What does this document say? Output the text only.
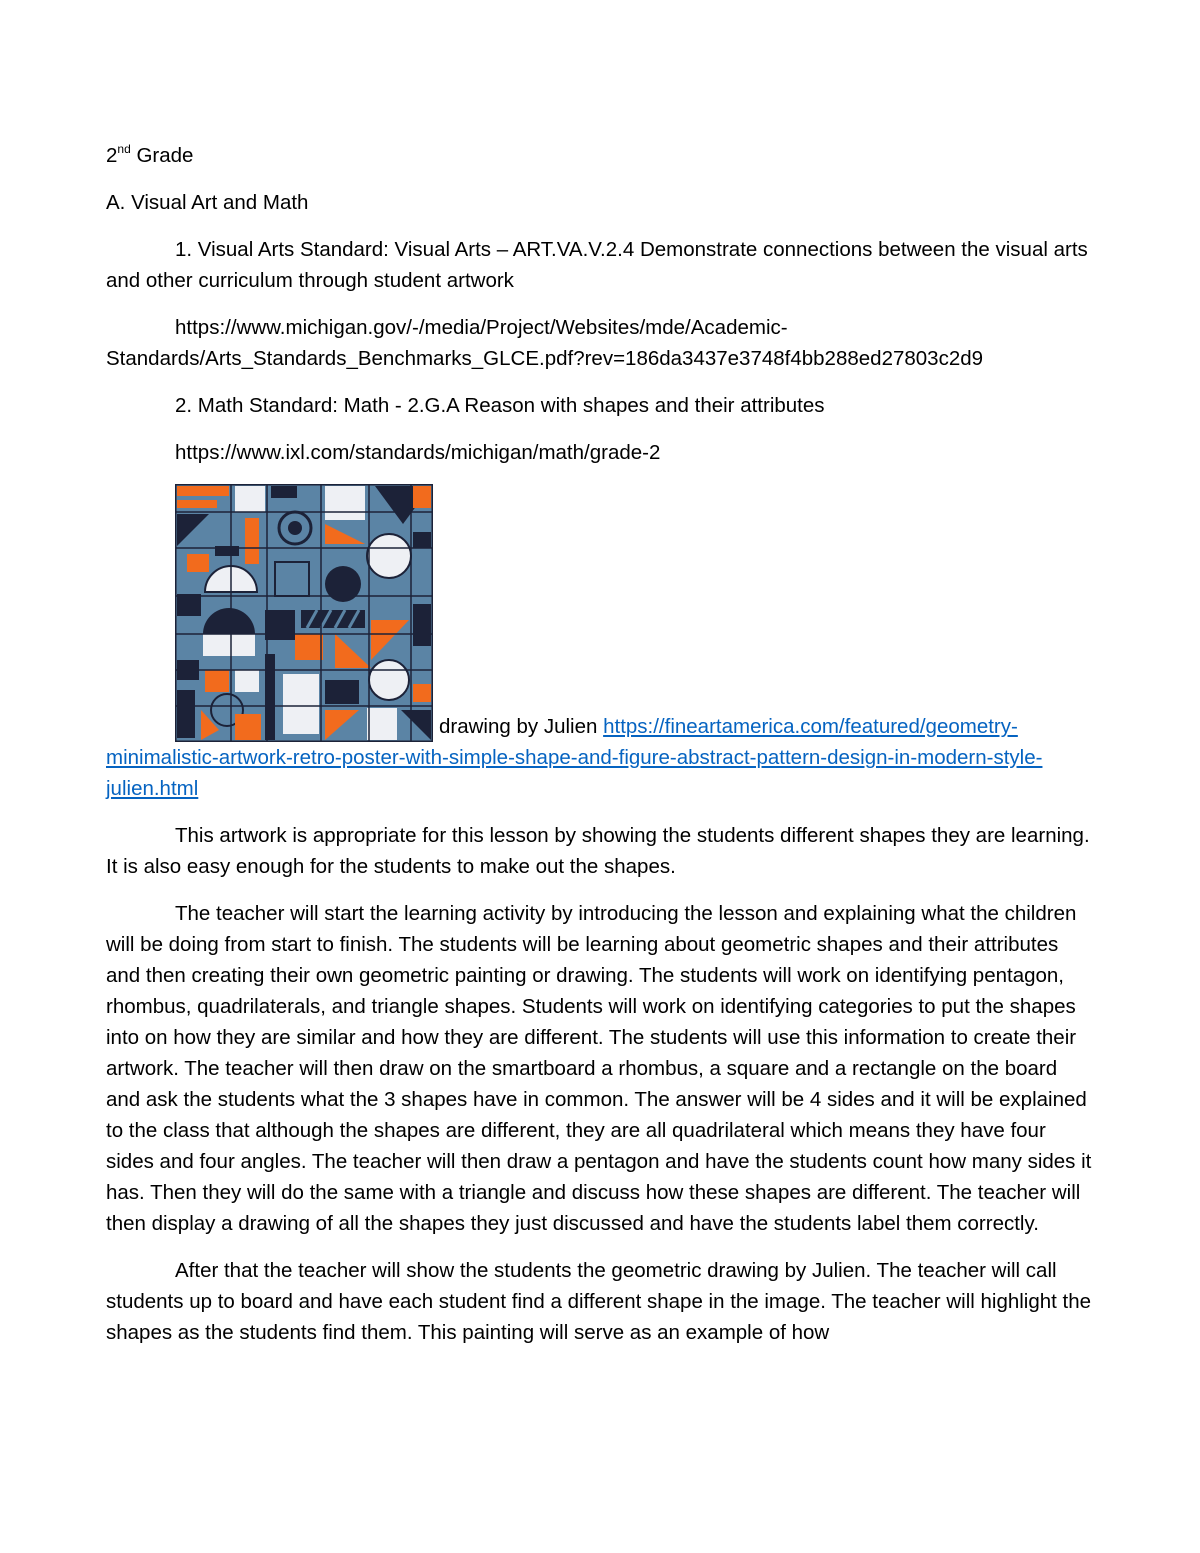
2nd Grade

A. Visual Art and Math

1. Visual Arts Standard: Visual Arts – ART.VA.V.2.4 Demonstrate connections between the visual arts and other curriculum through student artwork

https://www.michigan.gov/-/media/Project/Websites/mde/Academic-Standards/Arts_Standards_Benchmarks_GLCE.pdf?rev=186da3437e3748f4bb288ed27803c2d9

2. Math Standard: Math - 2.G.A Reason with shapes and their attributes

https://www.ixl.com/standards/michigan/math/grade-2

drawing by Julien https://fineartamerica.com/featured/geometry-minimalistic-artwork-retro-poster-with-simple-shape-and-figure-abstract-pattern-design-in-modern-style-julien.html

This artwork is appropriate for this lesson by showing the students different shapes they are learning. It is also easy enough for the students to make out the shapes.

The teacher will start the learning activity by introducing the lesson and explaining what the children will be doing from start to finish. The students will be learning about geometric shapes and their attributes and then creating their own geometric painting or drawing. The students will work on identifying pentagon, rhombus, quadrilaterals, and triangle shapes. Students will work on identifying categories to put the shapes into on how they are similar and how they are different. The students will use this information to create their artwork. The teacher will then draw on the smartboard a rhombus, a square and a rectangle on the board and ask the students what the 3 shapes have in common. The answer will be 4 sides and it will be explained to the class that although the shapes are different, they are all quadrilateral which means they have four sides and four angles. The teacher will then draw a pentagon and have the students count how many sides it has. Then they will do the same with a triangle and discuss how these shapes are different. The teacher will then display a drawing of all the shapes they just discussed and have the students label them correctly.

After that the teacher will show the students the geometric drawing by Julien. The teacher will call students up to board and have each student find a different shape in the image. The teacher will highlight the shapes as the students find them. This painting will serve as an example of how
